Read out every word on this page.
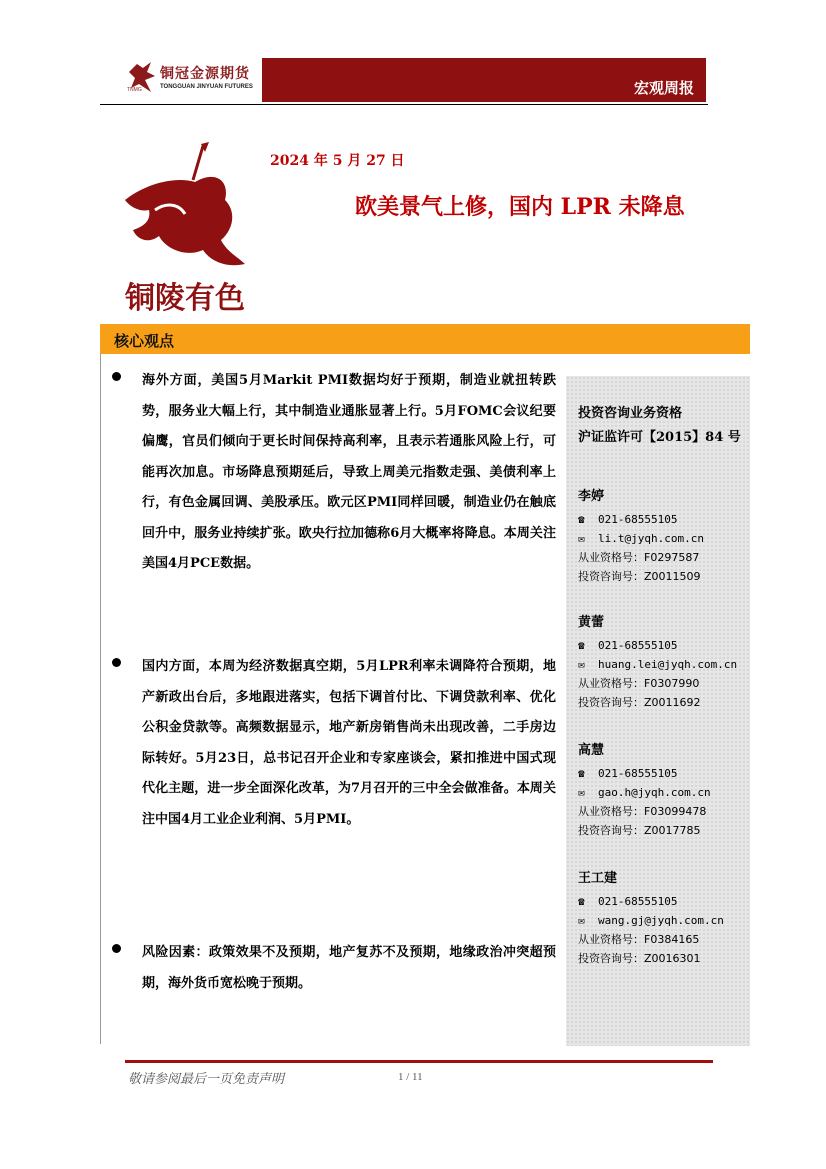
铜冠金源期货
TONGGUAN JINYUAN FUTURES
TNMG	宏观周报
铜陵有色
2024 年 5 月 27 日
欧美景气上修，国内 LPR 未降息
核心观点
海外方面，美国5月Markit PMI数据均好于预期，制造业就扭转跌势，服务业大幅上行，其中制造业通胀显著上行。5月FOMC会议纪要偏鹰，官员们倾向于更长时间保持高利率，且表示若通胀风险上行，可能再次加息。市场降息预期延后，导致上周美元指数走强、美债利率上行，有色金属回调、美股承压。欧元区PMI同样回暖，制造业仍在触底回升中，服务业持续扩张。欧央行拉加德称6月大概率将降息。本周关注美国4月PCE数据。
国内方面，本周为经济数据真空期，5月LPR利率未调降符合预期，地产新政出台后，多地跟进落实，包括下调首付比、下调贷款利率、优化公积金贷款等。高频数据显示，地产新房销售尚未出现改善，二手房边际转好。5月23日，总书记召开企业和专家座谈会，紧扣推进中国式现代化主题，进一步全面深化改革，为7月召开的三中全会做准备。本周关注中国4月工业企业利润、5月PMI。
风险因素：政策效果不及预期，地产复苏不及预期，地缘政治冲突超预期，海外货币宽松晚于预期。
投资咨询业务资格
沪证监许可【2015】84 号
李婷
☎ 021-68555105
✉ li.t@jyqh.com.cn
从业资格号：F0297587
投资咨询号：Z0011509
黄蕾
☎ 021-68555105
✉ huang.lei@jyqh.com.cn
从业资格号：F0307990
投资咨询号：Z0011692
高慧
☎ 021-68555105
✉ gao.h@jyqh.com.cn
从业资格号：F03099478
投资咨询号：Z0017785
王工建
☎ 021-68555105
✉ wang.gj@jyqh.com.cn
从业资格号：F0384165
投资咨询号：Z0016301
敬请参阅最后一页免责声明	1 / 11
